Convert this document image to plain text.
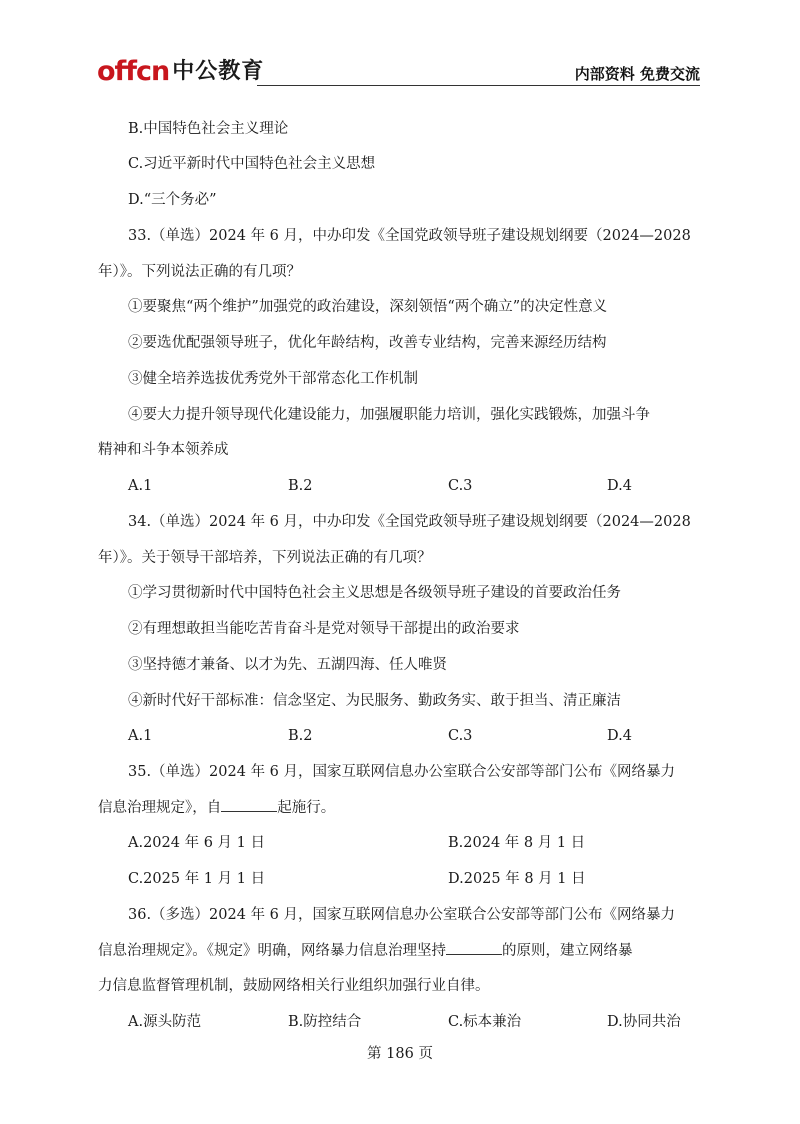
offcn 中公教育	内部资料 免费交流
B.中国特色社会主义理论
C.习近平新时代中国特色社会主义思想
D.“三个务必”
33.（单选）2024 年 6 月，中办印发《全国党政领导班子建设规划纲要（2024—2028
年）》。下列说法正确的有几项？
①要聚焦“两个维护”加强党的政治建设，深刻领悟“两个确立”的决定性意义
②要选优配强领导班子，优化年龄结构，改善专业结构，完善来源经历结构
③健全培养选拔优秀党外干部常态化工作机制
④要大力提升领导现代化建设能力，加强履职能力培训，强化实践锻炼，加强斗争
精神和斗争本领养成
A.1	B.2	C.3	D.4
34.（单选）2024 年 6 月，中办印发《全国党政领导班子建设规划纲要（2024—2028
年）》。关于领导干部培养，下列说法正确的有几项？
①学习贯彻新时代中国特色社会主义思想是各级领导班子建设的首要政治任务
②有理想敢担当能吃苦肯奋斗是党对领导干部提出的政治要求
③坚持德才兼备、以才为先、五湖四海、任人唯贤
④新时代好干部标准：信念坚定、为民服务、勤政务实、敢于担当、清正廉洁
A.1	B.2	C.3	D.4
35.（单选）2024 年 6 月，国家互联网信息办公室联合公安部等部门公布《网络暴力
信息治理规定》，自	起施行。
A.2024 年 6 月 1 日	B.2024 年 8 月 1 日
C.2025 年 1 月 1 日	D.2025 年 8 月 1 日
36.（多选）2024 年 6 月，国家互联网信息办公室联合公安部等部门公布《网络暴力
信息治理规定》。《规定》明确，网络暴力信息治理坚持	的原则，建立网络暴
力信息监督管理机制，鼓励网络相关行业组织加强行业自律。
A.源头防范	B.防控结合	C.标本兼治	D.协同共治
第 186 页
